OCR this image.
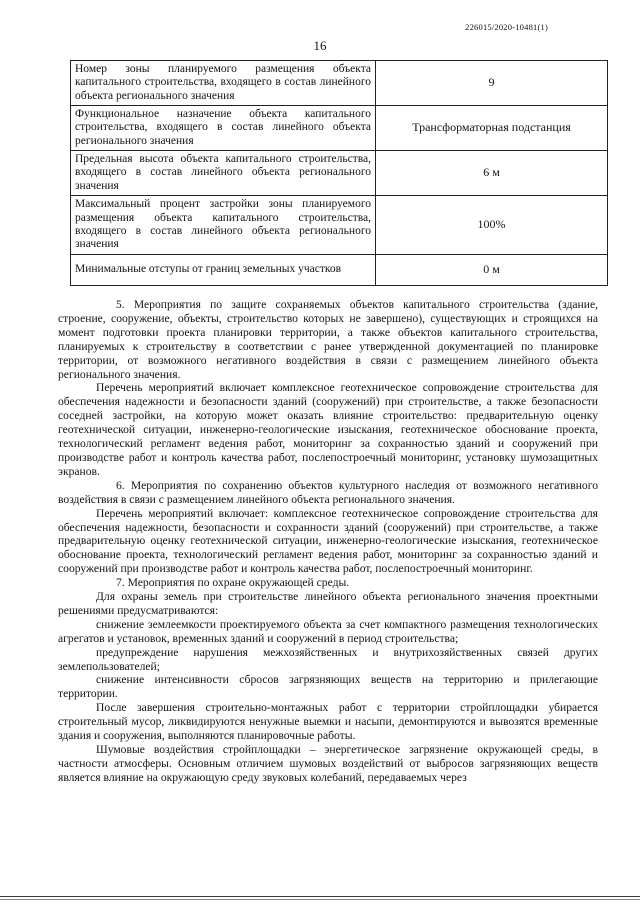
226015/2020-10481(1)
16
Номер зоны планируемого размещения объекта капитального строительства, входящего в состав линейного объекта регионального значения	9
Функциональное назначение объекта капитального строительства, входящего в состав линейного объекта регионального значения	Трансформаторная подстанция
Предельная высота объекта капитального строительства, входящего в состав линейного объекта регионального значения	6 м
Максимальный процент застройки зоны планируемого размещения объекта капитального строительства, входящего в состав линейного объекта регионального значения	100%
Минимальные отступы от границ земельных участков	0 м

5. Мероприятия по защите сохраняемых объектов капитального строительства (здание, строение, сооружение, объекты, строительство которых не завершено), существующих и строящихся на момент подготовки проекта планировки территории, а также объектов капитального строительства, планируемых к строительству в соответствии с ранее утвержденной документацией по планировке территории, от возможного негативного воздействия в связи с размещением линейного объекта регионального значения.

Перечень мероприятий включает комплексное геотехническое сопровождение строительства для обеспечения надежности и безопасности зданий (сооружений) при строительстве, а также безопасности соседней застройки, на которую может оказать влияние строительство: предварительную оценку геотехнической ситуации, инженерно-геологические изыскания, геотехническое обоснование проекта, технологический регламент ведения работ, мониторинг за сохранностью зданий и сооружений при производстве работ и контроль качества работ, послепостроечный мониторинг, установку шумозащитных экранов.

6. Мероприятия по сохранению объектов культурного наследия от возможного негативного воздействия в связи с размещением линейного объекта регионального значения.

Перечень мероприятий включает: комплексное геотехническое сопровождение строительства для обеспечения надежности, безопасности и сохранности зданий (сооружений) при строительстве, а также предварительную оценку геотехнической ситуации, инженерно-геологические изыскания, геотехническое обоснование проекта, технологический регламент ведения работ, мониторинг за сохранностью зданий и сооружений при производстве работ и контроль качества работ, послепостроечный мониторинг.

7. Мероприятия по охране окружающей среды.

Для охраны земель при строительстве линейного объекта регионального значения проектными решениями предусматриваются:

снижение землеемкости проектируемого объекта за счет компактного размещения технологических агрегатов и установок, временных зданий и сооружений в период строительства;

предупреждение нарушения межхозяйственных и внутрихозяйственных связей других землепользователей;

снижение интенсивности сбросов загрязняющих веществ на территорию и прилегающие территории.

После завершения строительно-монтажных работ с территории стройплощадки убирается строительный мусор, ликвидируются ненужные выемки и насыпи, демонтируются и вывозятся временные здания и сооружения, выполняются планировочные работы.

Шумовые воздействия стройплощадки – энергетическое загрязнение окружающей среды, в частности атмосферы. Основным отличием шумовых воздействий от выбросов загрязняющих веществ является влияние на окружающую среду звуковых колебаний, передаваемых через
